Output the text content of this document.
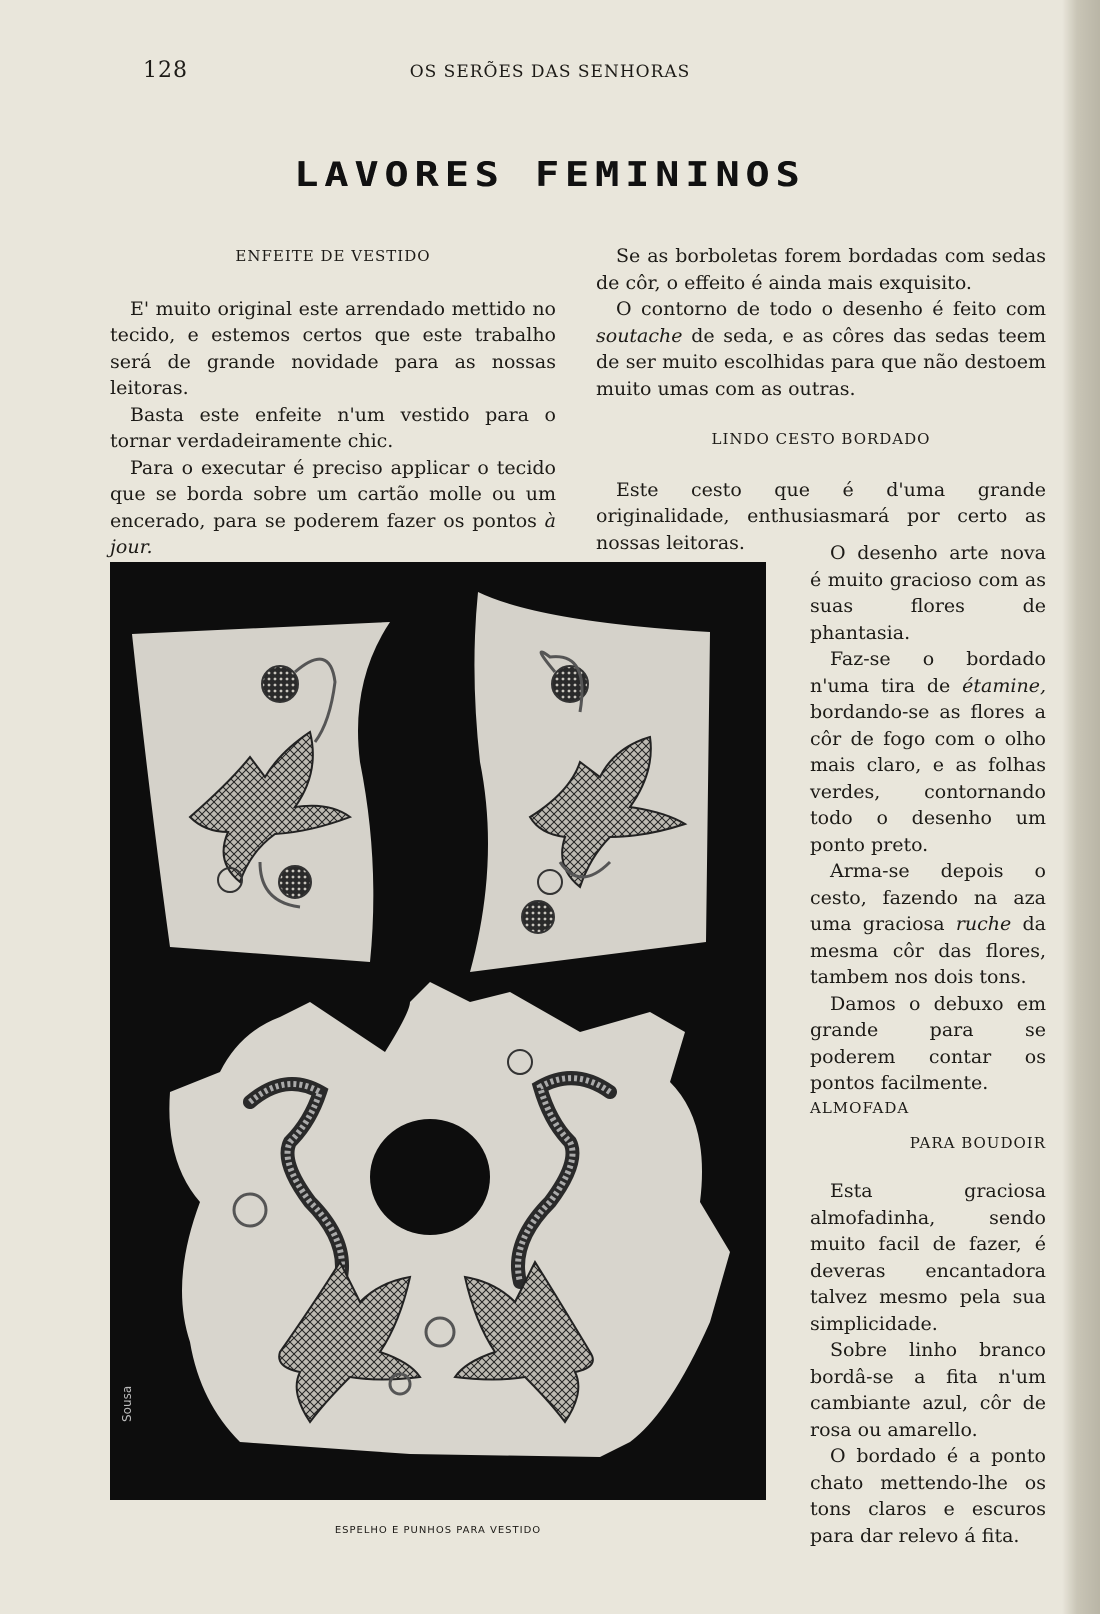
128	OS SERÕES DAS SENHORAS
LAVORES FEMININOS
ENFEITE DE VESTIDO

E' muito original este arrendado mettido no tecido, e estemos certos que este trabalho será de grande novidade para as nossas leitoras.

Basta este enfeite n'um vestido para o tornar verdadeiramente chic.

Para o executar é preciso applicar o tecido que se borda sobre um cartão molle ou um encerado, para se poderem fazer os pontos à jour.

Se as borboletas forem bordadas com sedas de côr, o effeito é ainda mais exquisito.

O contorno de todo o desenho é feito com soutache de seda, e as côres das sedas teem de ser muito escolhidas para que não destoem muito umas com as outras.

LINDO CESTO BORDADO

Este cesto que é d'uma grande originalidade, enthusiasmará por certo as nossas leitoras.	O desenho arte nova é muito gracioso com as suas flores de phantasia.

Faz-se o bordado n'uma tira de étamine, bordando-se as flores a côr de fogo com o olho mais claro, e as folhas verdes, contornando todo o desenho um ponto preto.

Arma-se depois o cesto, fazendo na aza uma graciosa ruche da mesma côr das flores, tambem nos dois tons.

Damos o debuxo em grande para se poderem contar os pontos facilmente.

ALMOFADA
PARA BOUDOIR

Esta graciosa almofadinha, sendo muito facil de fazer, é deveras encantadora talvez mesmo pela sua simplicidade.

Sobre linho branco bordâ-se a fita n'um cambiante azul, côr de rosa ou amarello.

O bordado é a ponto chato mettendo-lhe os tons claros e escuros para dar relevo á fita.

Sousa
ESPELHO E PUNHOS PARA VESTIDO
